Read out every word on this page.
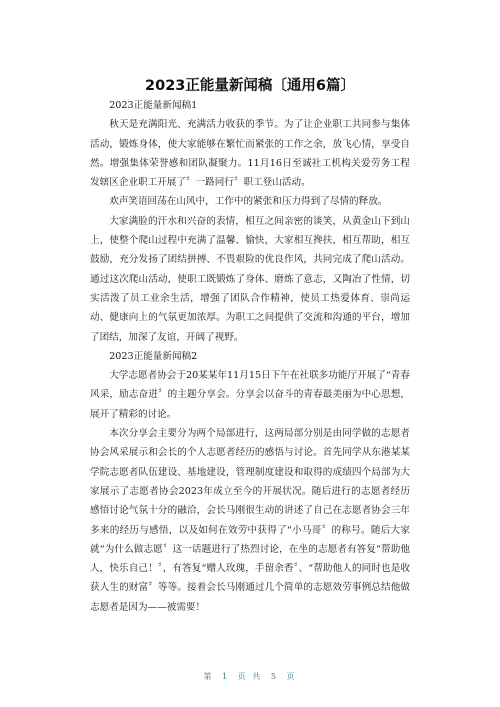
2023正能量新闻稿〔通用6篇〕

2023正能量新闻稿1

秋天是充满阳光、充满活力收获的季节。为了让企业职工共同参与集体活动，锻炼身体，使大家能够在繁忙而紧张的工作之余，放飞心情，享受自然。增强集体荣誉感和团队凝聚力。11月16日至诚社工机构关爱劳务工程发辖区企业职工开展了〞一路同行〞职工登山活动。

欢声笑语回荡在山风中，工作中的紧张和压力得到了尽情的释放。

大家满脸的汗水和兴奋的表情，相互之间亲密的谈笑，从黄金山下到山上，使整个爬山过程中充满了温馨、愉快，大家相互搀扶，相互帮助，相互鼓励，充分发扬了团结拼搏、不畏艰险的优良作风，共同完成了爬山活动。通过这次爬山活动，使职工既锻炼了身体、磨炼了意志，又陶冶了性情，切实活泼了员工业余生活，增强了团队合作精神，使员工热爱体育、崇尚运动、健康向上的气氛更加浓厚。为职工之间提供了交流和沟通的平台，增加了团结，加深了友谊，开阔了视野。

2023正能量新闻稿2

大学志愿者协会于20某某年11月15日下午在社联多功能厅开展了“青春风采，励志奋进〞的主题分享会。分享会以奋斗的青春最美丽为中心思想，展开了精彩的讨论。

本次分享会主要分为两个局部进行，这两局部分别是由同学做的志愿者协会风采展示和会长的个人志愿者经历的感悟与讨论。首先同学从东港某某学院志愿者队伍建设、基地建设，管理制度建设和取得的成绩四个局部为大家展示了志愿者协会2023年成立至今的开展状况。随后进行的志愿者经历感悟讨论气氛十分的融洽，会长马刚很生动的讲述了自己在志愿者协会三年多来的经历与感悟，以及如何在效劳中获得了“小马哥〞的称号。随后大家就“为什么做志愿〞这一话题进行了热烈讨论，在坐的志愿者有答复“帮助他人，快乐自己！〞，有答复“赠人玫瑰，手留余香〞、“帮助他人的同时也是收获人生的财富〞等等。接着会长马刚通过几个简单的志愿效劳事例总结他做志愿者是因为——被需要！

第 1 页 共 5 页
